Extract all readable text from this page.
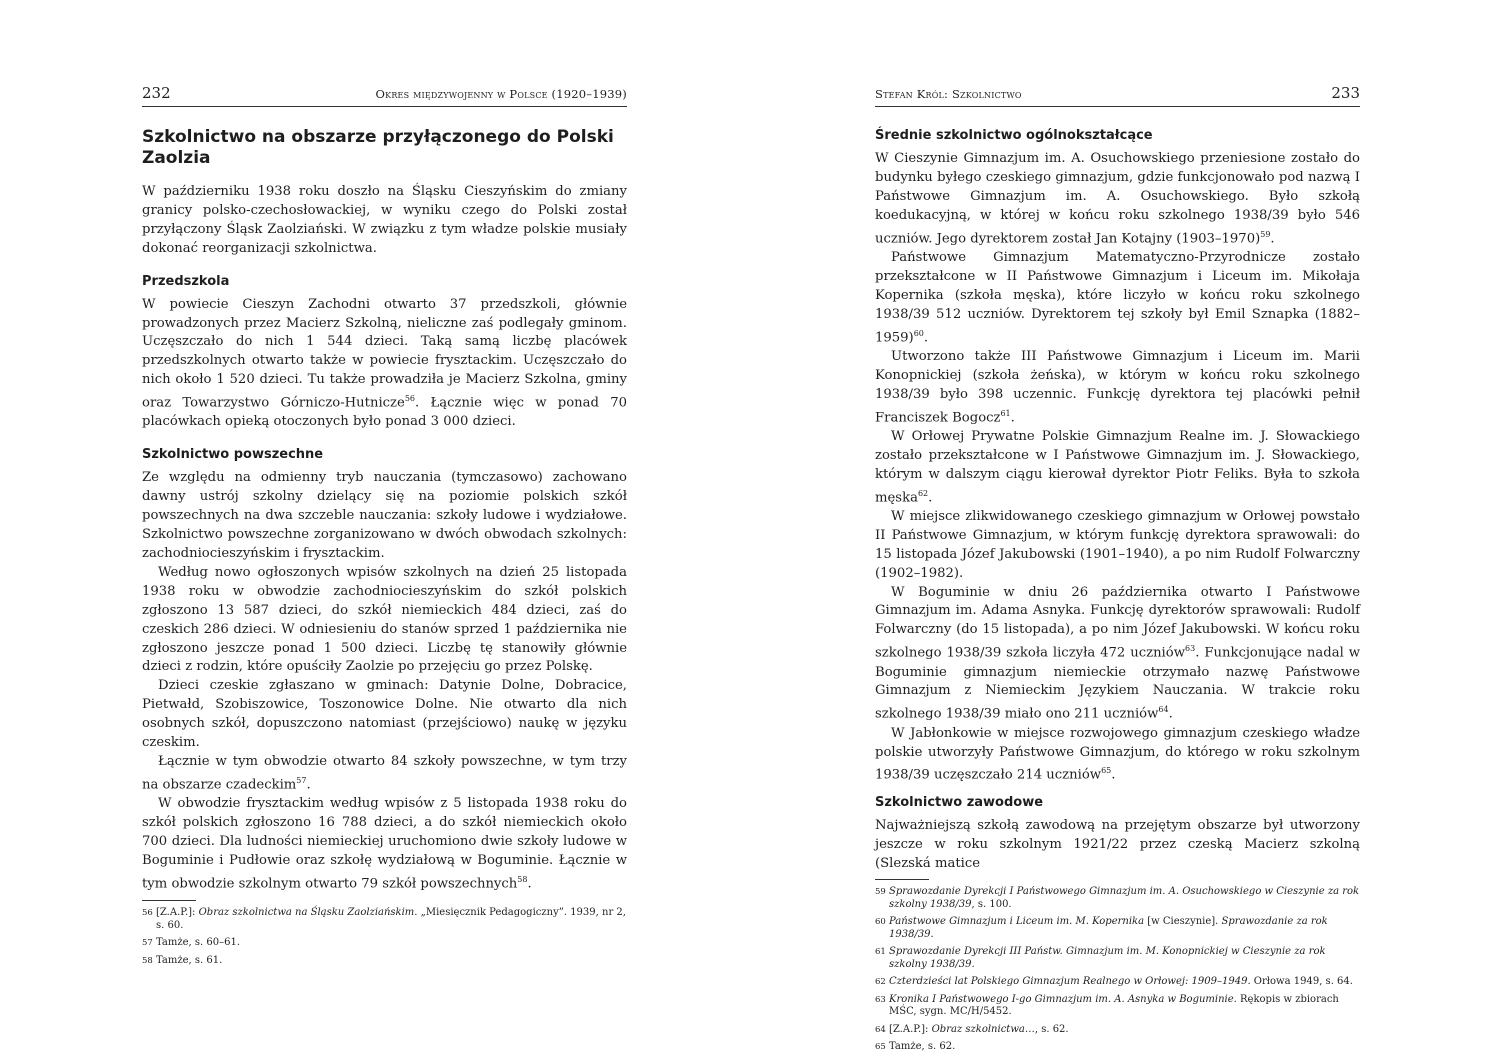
232	Okres międzywojenny w Polsce (1920–1939)
Szkolnictwo na obszarze przyłączonego do Polski Zaolzia

W październiku 1938 roku doszło na Śląsku Cieszyńskim do zmiany granicy polsko-czechosłowackiej, w wyniku czego do Polski został przyłączony Śląsk Zaolziański. W związku z tym władze polskie musiały dokonać reorganizacji szkolnictwa.

Przedszkola

W powiecie Cieszyn Zachodni otwarto 37 przedszkoli, głównie prowadzonych przez Macierz Szkolną, nieliczne zaś podlegały gminom. Uczęszczało do nich 1 544 dzieci. Taką samą liczbę placówek przedszkolnych otwarto także w powiecie frysztackim. Uczęszczało do nich około 1 520 dzieci. Tu także prowadziła je Macierz Szkolna, gminy oraz Towarzystwo Górniczo-Hutnicze$^{56}$. Łącznie więc w ponad 70 placówkach opieką otoczonych było ponad 3 000 dzieci.

Szkolnictwo powszechne

Ze względu na odmienny tryb nauczania (tymczasowo) zachowano dawny ustrój szkolny dzielący się na poziomie polskich szkół powszechnych na dwa szczeble nauczania: szkoły ludowe i wydziałowe. Szkolnictwo powszechne zorganizowano w dwóch obwodach szkolnych: zachodniocieszyńskim i frysztackim.

Według nowo ogłoszonych wpisów szkolnych na dzień 25 listopada 1938 roku w obwodzie zachodniocieszyńskim do szkół polskich zgłoszono 13 587 dzieci, do szkół niemieckich 484 dzieci, zaś do czeskich 286 dzieci. W odniesieniu do stanów sprzed 1 października nie zgłoszono jeszcze ponad 1 500 dzieci. Liczbę tę stanowiły głównie dzieci z rodzin, które opuściły Zaolzie po przejęciu go przez Polskę.

Dzieci czeskie zgłaszano w gminach: Datynie Dolne, Dobracice, Pietwałd, Szobiszowice, Toszonowice Dolne. Nie otwarto dla nich osobnych szkół, dopuszczono natomiast (przejściowo) naukę w języku czeskim.

Łącznie w tym obwodzie otwarto 84 szkoły powszechne, w tym trzy na obszarze czadeckim$^{57}$.

W obwodzie frysztackim według wpisów z 5 listopada 1938 roku do szkół polskich zgłoszono 16 788 dzieci, a do szkół niemieckich około 700 dzieci. Dla ludności niemieckiej uruchomiono dwie szkoły ludowe w Boguminie i Pudłowie oraz szkołę wydziałową w Boguminie. Łącznie w tym obwodzie szkolnym otwarto 79 szkół powszechnych$^{58}$.

56 [Z.A.P.]: Obraz szkolnictwa na Śląsku Zaolziańskim. „Miesięcznik Pedagogiczny”. 1939, nr 2, s. 60.
57 Tamże, s. 60–61.
58 Tamże, s. 61.
Stefan Król: Szkolnictwo	233
Średnie szkolnictwo ogólnokształcące

W Cieszynie Gimnazjum im. A. Osuchowskiego przeniesione zostało do budynku byłego czeskiego gimnazjum, gdzie funkcjonowało pod nazwą I Państwowe Gimnazjum im. A. Osuchowskiego. Było szkołą koedukacyjną, w której w końcu roku szkolnego 1938/39 było 546 uczniów. Jego dyrektorem został Jan Kotajny (1903–1970)$^{59}$.

Państwowe Gimnazjum Matematyczno-Przyrodnicze zostało przekształcone w II Państwowe Gimnazjum i Liceum im. Mikołaja Kopernika (szkoła męska), które liczyło w końcu roku szkolnego 1938/39 512 uczniów. Dyrektorem tej szkoły był Emil Sznapka (1882–1959)$^{60}$.

Utworzono także III Państwowe Gimnazjum i Liceum im. Marii Konopnickiej (szkoła żeńska), w którym w końcu roku szkolnego 1938/39 było 398 uczennic. Funkcję dyrektora tej placówki pełnił Franciszek Bogocz$^{61}$.

W Orłowej Prywatne Polskie Gimnazjum Realne im. J. Słowackiego zostało przekształcone w I Państwowe Gimnazjum im. J. Słowackiego, którym w dalszym ciągu kierował dyrektor Piotr Feliks. Była to szkoła męska$^{62}$.

W miejsce zlikwidowanego czeskiego gimnazjum w Orłowej powstało II Państwowe Gimnazjum, w którym funkcję dyrektora sprawowali: do 15 listopada Józef Jakubowski (1901–1940), a po nim Rudolf Folwarczny (1902–1982).

W Boguminie w dniu 26 października otwarto I Państwowe Gimnazjum im. Adama Asnyka. Funkcję dyrektorów sprawowali: Rudolf Folwarczny (do 15 listopada), a po nim Józef Jakubowski. W końcu roku szkolnego 1938/39 szkoła liczyła 472 uczniów$^{63}$. Funkcjonujące nadal w Boguminie gimnazjum niemieckie otrzymało nazwę Państwowe Gimnazjum z Niemieckim Językiem Nauczania. W trakcie roku szkolnego 1938/39 miało ono 211 uczniów$^{64}$.

W Jabłonkowie w miejsce rozwojowego gimnazjum czeskiego władze polskie utworzyły Państwowe Gimnazjum, do którego w roku szkolnym 1938/39 uczęszczało 214 uczniów$^{65}$.

Szkolnictwo zawodowe

Najważniejszą szkołą zawodową na przejętym obszarze był utworzony jeszcze w roku szkolnym 1921/22 przez czeską Macierz szkolną (Slezská matice

59 Sprawozdanie Dyrekcji I Państwowego Gimnazjum im. A. Osuchowskiego w Cieszynie za rok szkolny 1938/39, s. 100.
60 Państwowe Gimnazjum i Liceum im. M. Kopernika [w Cieszynie]. Sprawozdanie za rok 1938/39.
61 Sprawozdanie Dyrekcji III Państw. Gimnazjum im. M. Konopnickiej w Cieszynie za rok szkolny 1938/39.
62 Czterdzieści lat Polskiego Gimnazjum Realnego w Orłowej: 1909–1949. Orłowa 1949, s. 64.
63 Kronika I Państwowego I-go Gimnazjum im. A. Asnyka w Boguminie. Rękopis w zbiorach MŚC, sygn. MC/H/5452.
64 [Z.A.P.]: Obraz szkolnictwa…, s. 62.
65 Tamże, s. 62.
